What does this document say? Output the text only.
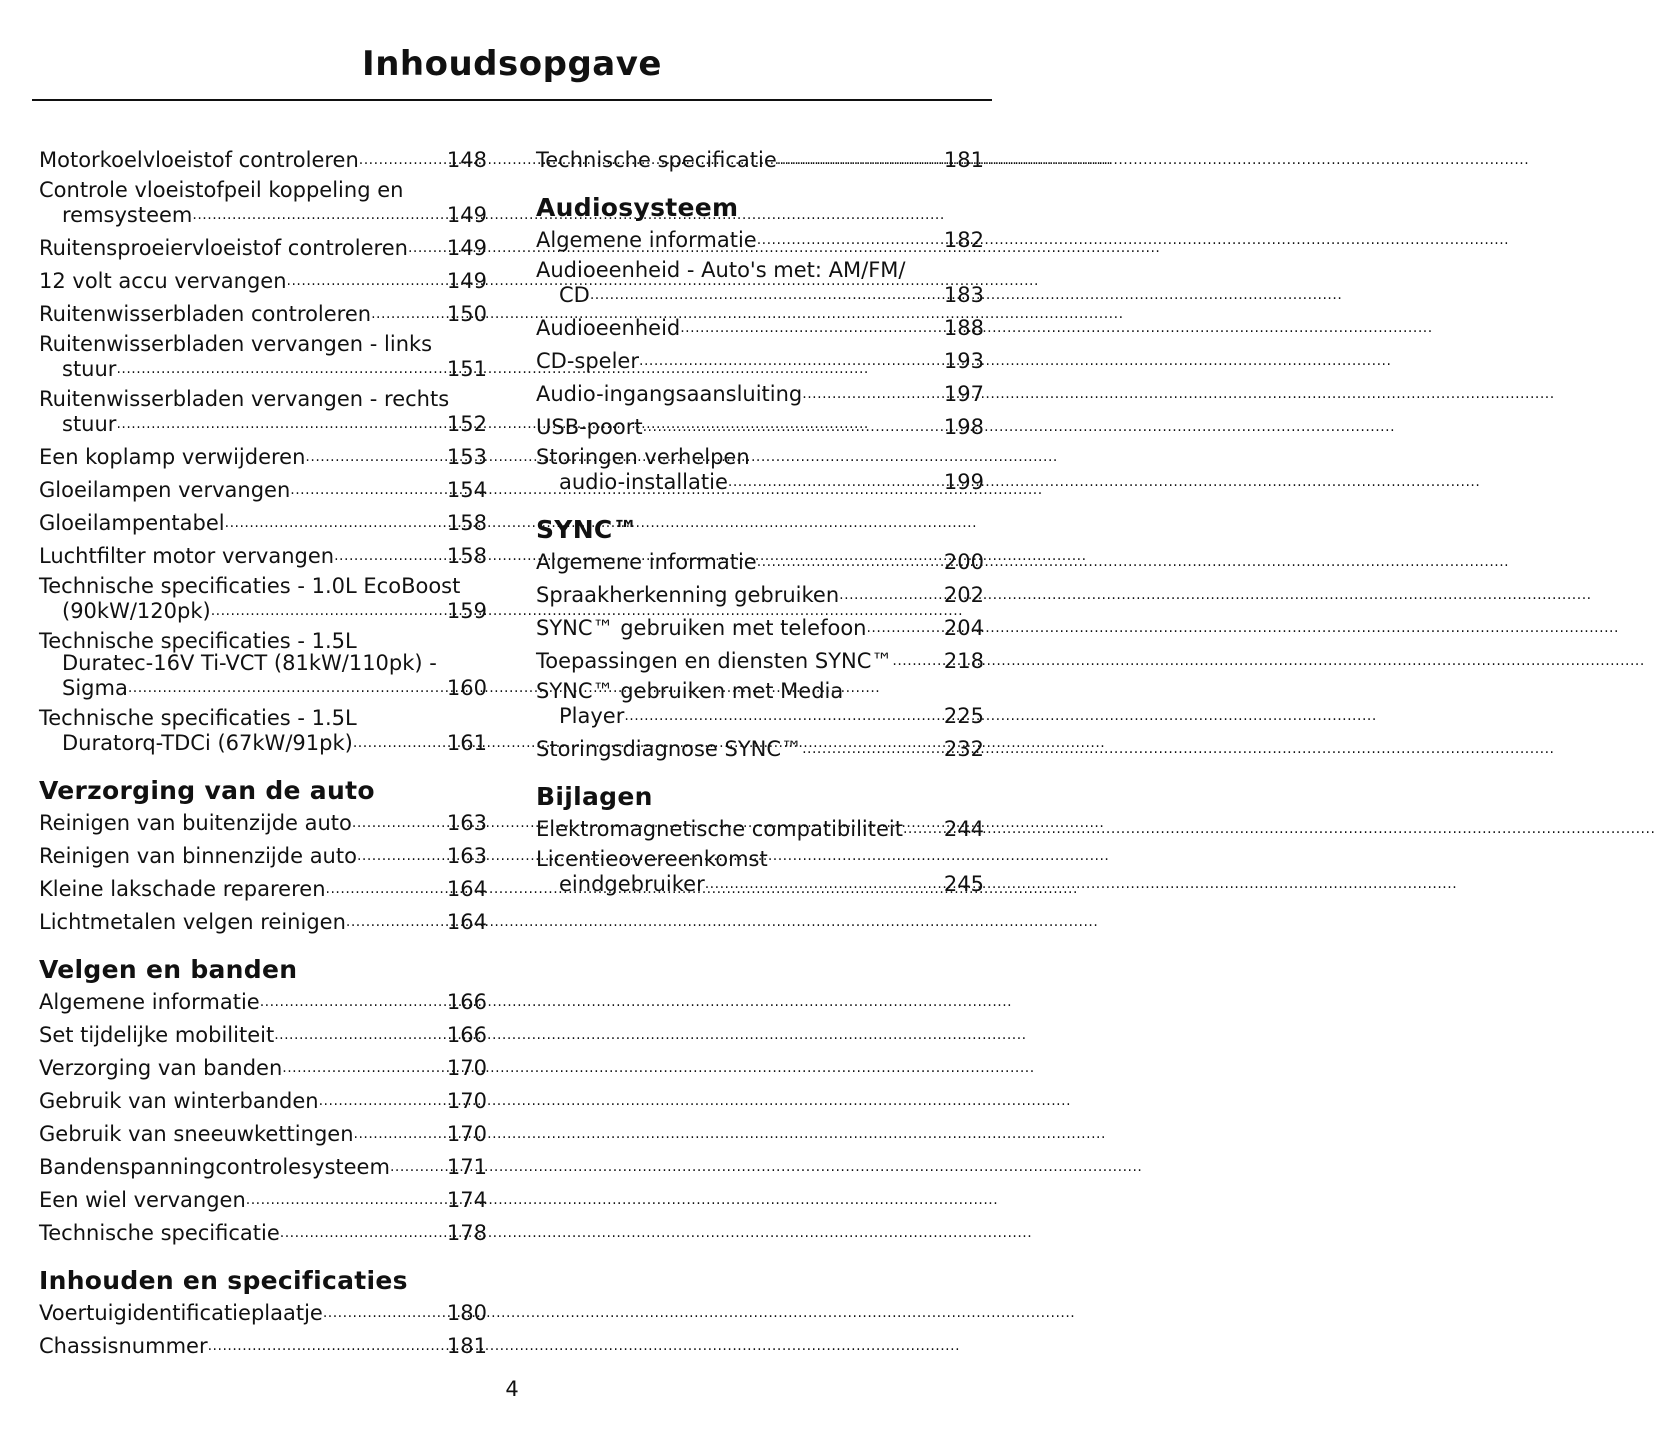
Inhoudsopgave
Motorkoelvloeistof controleren .....	148
Controle vloeistofpeil koppeling en
remsysteem .....	149
Ruitensproeiervloeistof controleren ..... 149
12 volt accu vervangen .....	149
Ruitenwisserbladen controleren .....	150
Ruitenwisserbladen vervangen - links
stuur .....	151
Ruitenwisserbladen vervangen - rechts
stuur .....	152
Een koplamp verwijderen .....	153
Gloeilampen vervangen .....	154
Gloeilampentabel .....	158
Luchtfilter motor vervangen .....	158
Technische specificaties - 1.0L EcoBoost
(90kW/120pk) .....	159
Technische specificaties - 1.5L
Duratec-16V Ti-VCT (81kW/110pk) -
Sigma .....	160
Technische specificaties - 1.5L
Duratorq-TDCi (67kW/91pk) .....	161
Verzorging van de auto
Reinigen van buitenzijde auto .....	163
Reinigen van binnenzijde auto .....	163
Kleine lakschade repareren .....	164
Lichtmetalen velgen reinigen .....	164
Velgen en banden
Algemene informatie .....	166
Set tijdelijke mobiliteit .....	166
Verzorging van banden .....	170
Gebruik van winterbanden .....	170
Gebruik van sneeuwkettingen .....	170
Bandenspanningcontrolesysteem .....	171
Een wiel vervangen .....	174
Technische specificatie .....	178
Inhouden en specificaties
Voertuigidentificatieplaatje .....	180
Chassisnummer .....	181
Technische specificatie .....	181
Audiosysteem
Algemene informatie .....	182
Audioeenheid - Auto's met: AM/FM/
CD .....	183
Audioeenheid .....	188
CD-speler .....	193
Audio-ingangsaansluiting .....	197
USB-poort .....	198
Storingen verhelpen
audio-installatie .....	199
SYNC™
Algemene informatie .....	200
Spraakherkenning gebruiken .....	202
SYNC™ gebruiken met telefoon .....	204
Toepassingen en diensten SYNC™ ..... 218
SYNC™ gebruiken met Media
Player .....	225
Storingsdiagnose SYNC™ .....	232
Bijlagen
Elektromagnetische compatibiliteit ..... 244
Licentieovereenkomst
eindgebruiker .....	245

4
